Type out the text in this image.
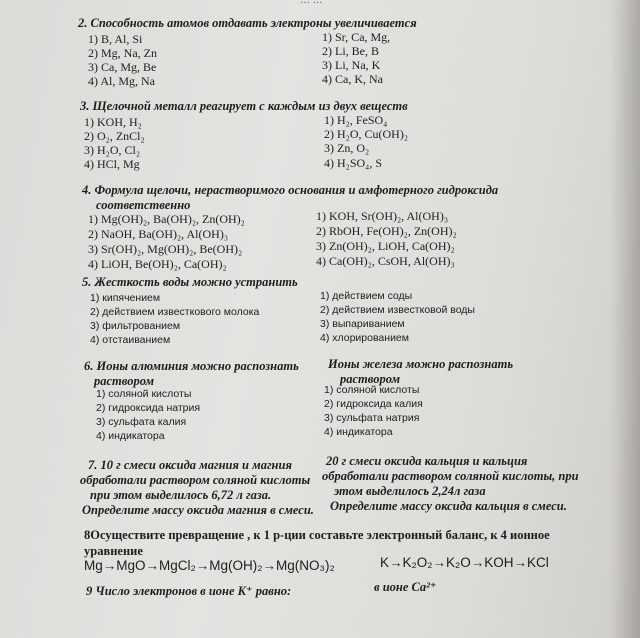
… …
2. Способность атомов отдавать электроны увеличивается
1) B, Al, Si
2) Mg, Na, Zn
3) Ca, Mg, Be
4) Al, Mg, Na
1) Sr, Ca, Mg,
2) Li, Be, B
3) Li, Na, K
4) Ca, K, Na
3. Щелочной металл реагирует с каждым из двух веществ
1) KOH, H₂
2) O₂, ZnCl₂
3) H₂O, Cl₂
4) HCl, Mg
1) H₂, FeSO₄
2) H₂O, Cu(OH)₂
3) Zn, O₂
4) H₂SO₄, S
4. Формула щелочи, нерастворимого основания и амфотерного гидроксида
соответственно
1) Mg(OH)₂, Ba(OH)₂, Zn(OH)₂
2) NaOH, Ba(OH)₂, Al(OH)₃
3) Sr(OH)₂, Mg(OH)₂, Be(OH)₂
4) LiOH, Be(OH)₂, Ca(OH)₂
1) KOH, Sr(OH)₂, Al(OH)₃
2) RbOH, Fe(OH)₂, Zn(OH)₂
3) Zn(OH)₂, LiOH, Ca(OH)₂
4) Ca(OH)₂, CsOH, Al(OH)₃
5. Жесткость воды можно устранить
1) кипячением
2) действием известкового молока
3) фильтрованием
4) отстаиванием
1) действием соды
2) действием известковой воды
3) выпариванием
4) хлорированием
6. Ионы алюминия можно распознать
раствором
Ионы железа можно распознать
раствором
1) соляной кислоты
2) гидроксида натрия
3) сульфата калия
4) индикатора
1) соляной кислоты
2) гидроксида калия
3) сульфата натрия
4) индикатора
7. 10 г смеси оксида магния и магния
обработали раствором соляной кислоты
при этом выделилось 6,72 л газа.
Определите массу оксида магния в смеси.
20 г смеси оксида кальция и кальция
обработали раствором соляной кислоты, при
этом выделилось 2,24л газа
Определите массу оксида кальция в смеси.
8Осуществите превращение , к 1 р-ции составьте электронный баланс, к 4 ионное
уравнение
Mg→MgO→MgCl₂→Mg(OH)₂→Mg(NO₃)₂	K→K₂O₂→K₂O→KOH→KCl
9 Число электронов в ионе K⁺ равно:	в ионе Ca²⁺
